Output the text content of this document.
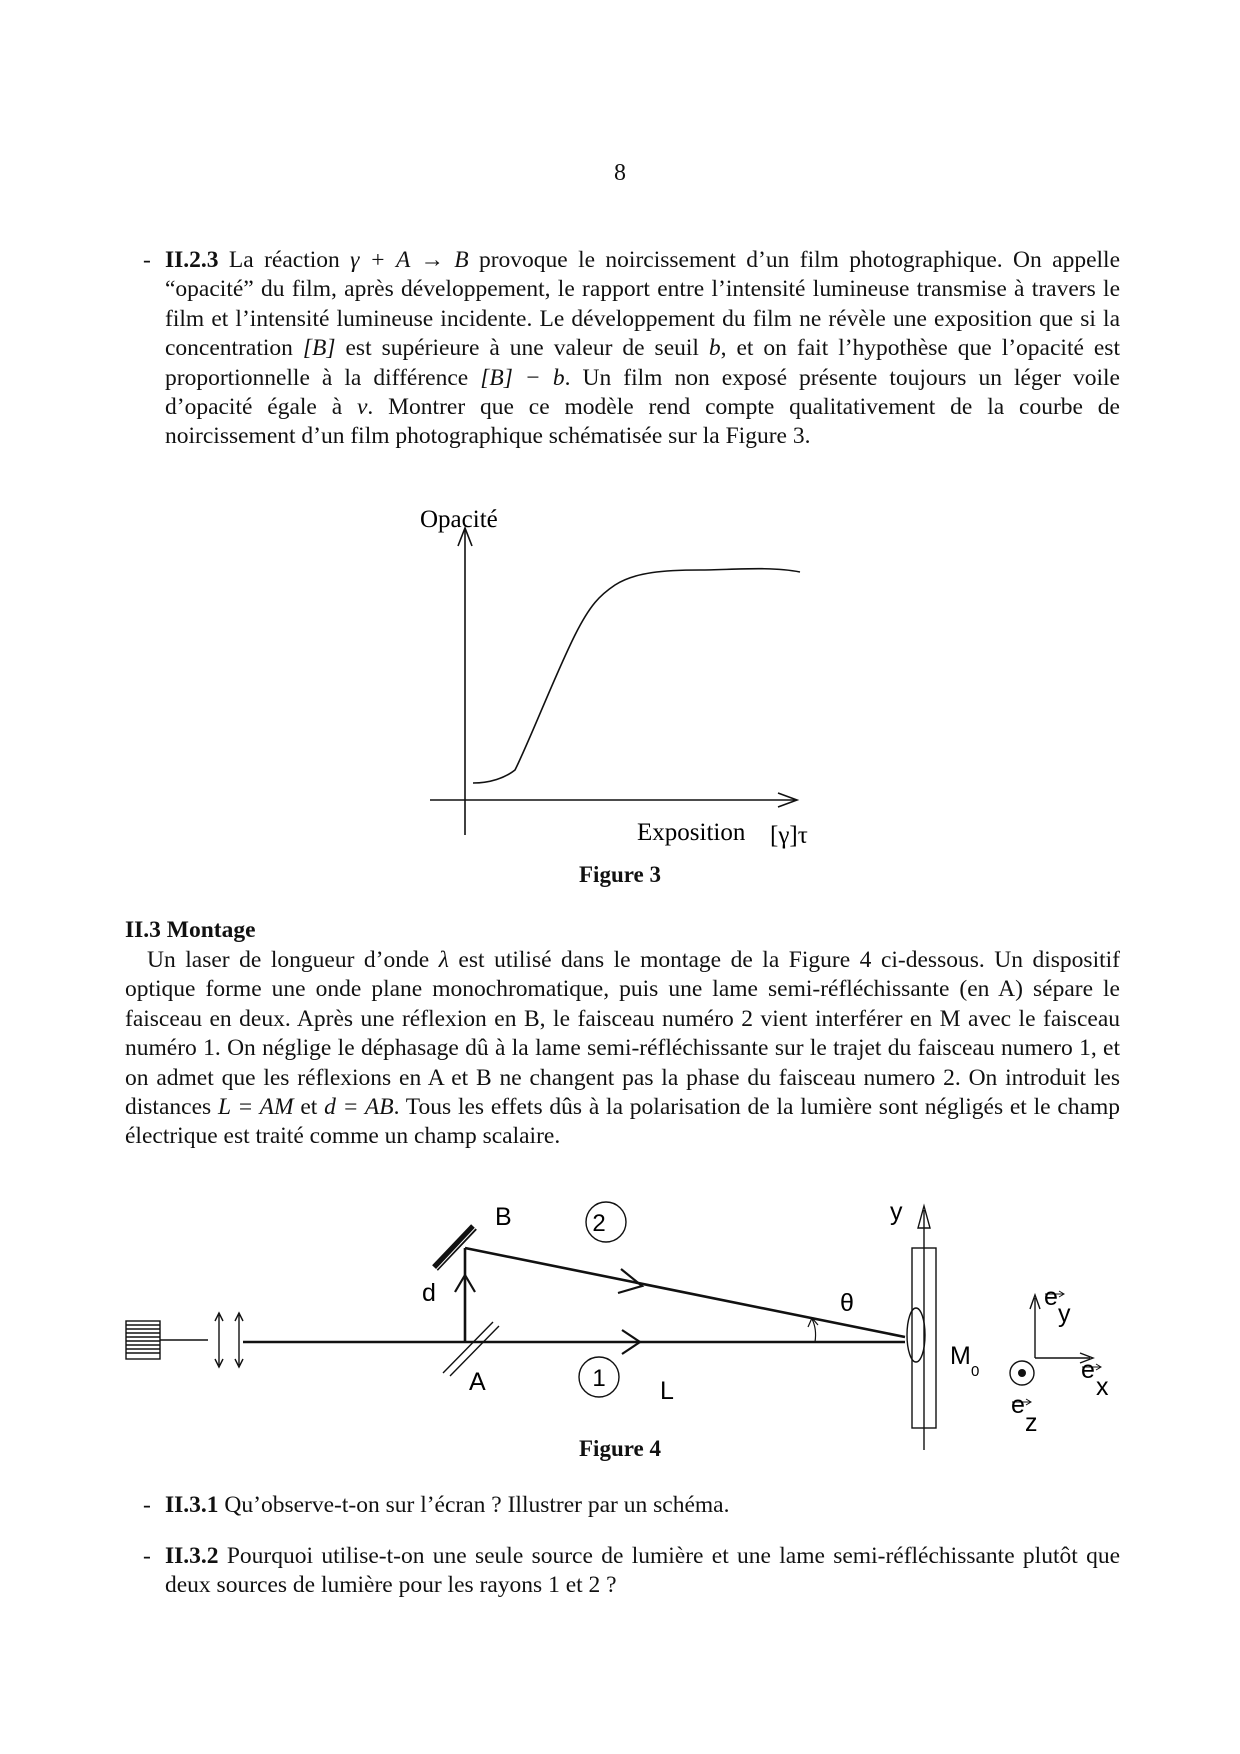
8
- II.2.3 La réaction γ + A → B provoque le noircissement d’un film photographique. On appelle “opacité” du film, après développement, le rapport entre l’intensité lumineuse transmise à travers le film et l’intensité lumineuse incidente. Le développement du film ne révèle une exposition que si la concentration [B] est supérieure à une valeur de seuil b, et on fait l’hypothèse que l’opacité est proportionnelle à la différence [B] − b. Un film non exposé présente toujours un léger voile d’opacité égale à v. Montrer que ce modèle rend compte qualitativement de la courbe de noircissement d’un film photographique schématisée sur la Figure 3.
Opacité
Exposition [γ]τ
Figure 3
II.3 Montage
Un laser de longueur d’onde λ est utilisé dans le montage de la Figure 4 ci-dessous. Un dispositif optique forme une onde plane monochromatique, puis une lame semi-réfléchissante (en A) sépare le faisceau en deux. Après une réflexion en B, le faisceau numéro 2 vient interférer en M avec le faisceau numéro 1. On néglige le déphasage dû à la lame semi-réfléchissante sur le trajet du faisceau numero 1, et on admet que les réflexions en A et B ne changent pas la phase du faisceau numero 2. On introduit les distances L = AM et d = AB. Tous les effets dûs à la polarisation de la lumière sont négligés et le champ électrique est traité comme un champ scalaire.
B
d
A	L
θ
y
M
0
2
1
e
y
e
x
e
z
Figure 4
- II.3.1 Qu’observe-t-on sur l’écran ? Illustrer par un schéma.
- II.3.2 Pourquoi utilise-t-on une seule source de lumière et une lame semi-réfléchissante plutôt que deux sources de lumière pour les rayons 1 et 2 ?
